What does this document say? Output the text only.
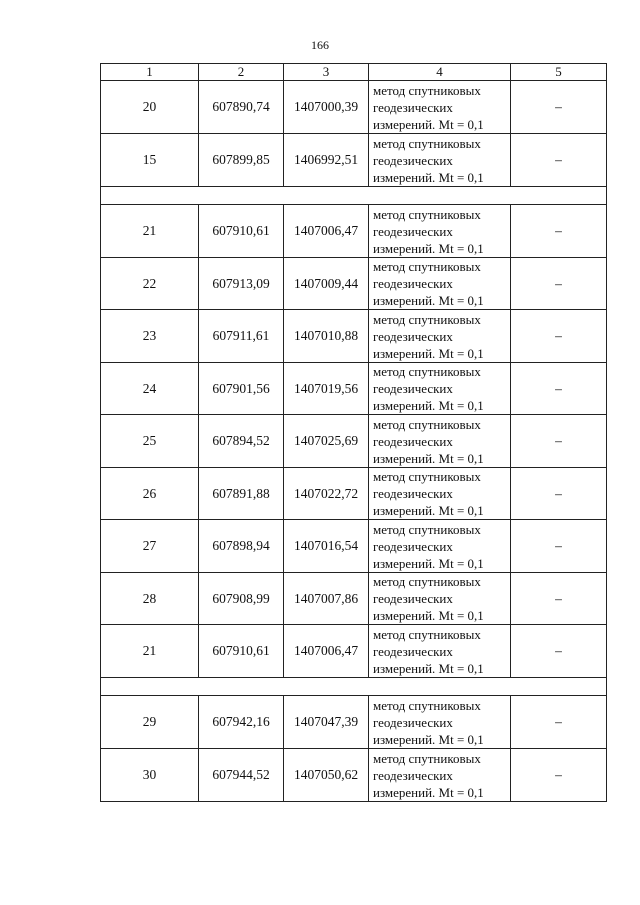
166
1	2	3	4	5
20	607890,74	1407000,39	метод спутниковых
геодезических
измерений. Mt = 0,1	–
15	607899,85	1406992,51	метод спутниковых
геодезических
измерений. Mt = 0,1	–

21	607910,61	1407006,47	метод спутниковых
геодезических
измерений. Mt = 0,1	–
22	607913,09	1407009,44	метод спутниковых
геодезических
измерений. Mt = 0,1	–
23	607911,61	1407010,88	метод спутниковых
геодезических
измерений. Mt = 0,1	–
24	607901,56	1407019,56	метод спутниковых
геодезических
измерений. Mt = 0,1	–
25	607894,52	1407025,69	метод спутниковых
геодезических
измерений. Mt = 0,1	–
26	607891,88	1407022,72	метод спутниковых
геодезических
измерений. Mt = 0,1	–
27	607898,94	1407016,54	метод спутниковых
геодезических
измерений. Mt = 0,1	–
28	607908,99	1407007,86	метод спутниковых
геодезических
измерений. Mt = 0,1	–
21	607910,61	1407006,47	метод спутниковых
геодезических
измерений. Mt = 0,1	–

29	607942,16	1407047,39	метод спутниковых
геодезических
измерений. Mt = 0,1	–
30	607944,52	1407050,62	метод спутниковых
геодезических
измерений. Mt = 0,1	–
